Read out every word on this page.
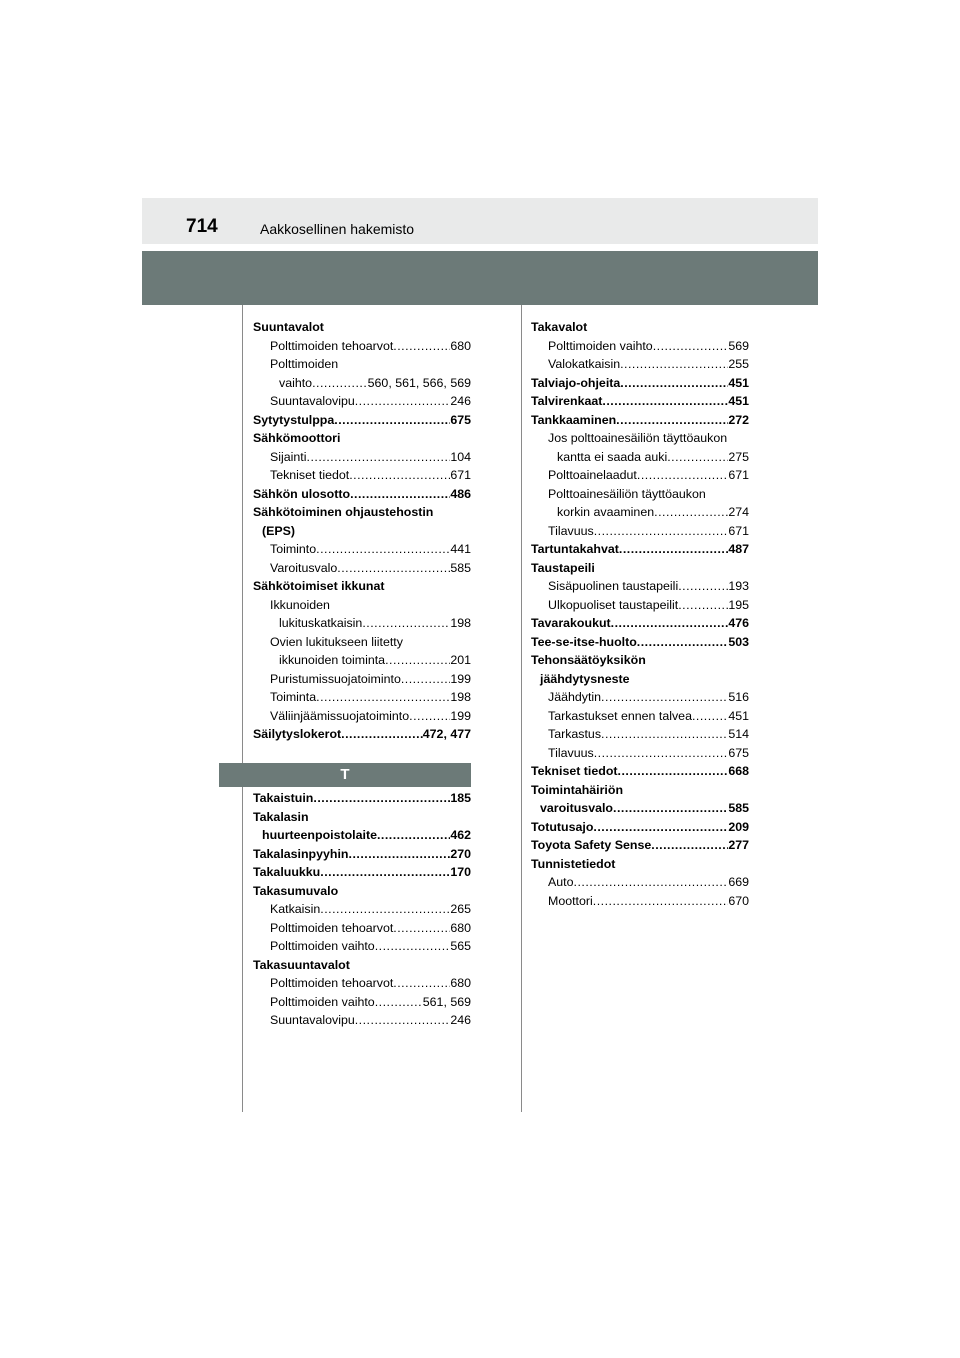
714	Aakkosellinen hakemisto
Suuntavalot
Polttimoiden tehoarvot .....	680
Polttimoiden
vaihto .....	560, 561, 566, 569
Suuntavalovipu .....	246
Sytytystulppa .....	675
Sähkömoottori
Sijainti .....	104
Tekniset tiedot .....	671
Sähkön ulosotto .....	486
Sähkötoiminen ohjaustehostin
(EPS)
Toiminto .....	441
Varoitusvalo .....	585
Sähkötoimiset ikkunat
Ikkunoiden
lukituskatkaisin .....	198
Ovien lukitukseen liitetty
ikkunoiden toiminta .....	201
Puristumissuojatoiminto .....	199
Toiminta .....	198
Väliinjäämissuojatoiminto .....	199
Säilytyslokerot .....	472, 477
T
Takaistuin .....	185
Takalasin
huurteenpoistolaite .....	462
Takalasinpyyhin .....	270
Takaluukku .....	170
Takasumuvalo
Katkaisin .....	265
Polttimoiden tehoarvot .....	680
Polttimoiden vaihto .....	565
Takasuuntavalot
Polttimoiden tehoarvot .....	680
Polttimoiden vaihto .....	561, 569
Suuntavalovipu .....	246
Takavalot
Polttimoiden vaihto .....	569
Valokatkaisin .....	255
Talviajo-ohjeita .....	451
Talvirenkaat .....	451
Tankkaaminen .....	272
Jos polttoainesäiliön täyttöaukon
kantta ei saada auki .....	275
Polttoainelaadut .....	671
Polttoainesäiliön täyttöaukon
korkin avaaminen .....	274
Tilavuus .....	671
Tartuntakahvat .....	487
Taustapeili
Sisäpuolinen taustapeili .....	193
Ulkopuoliset taustapeilit .....	195
Tavarakoukut .....	476
Tee-se-itse-huolto .....	503
Tehonsäätöyksikön
jäähdytysneste
Jäähdytin .....	516
Tarkastukset ennen talvea .....	451
Tarkastus .....	514
Tilavuus .....	675
Tekniset tiedot .....	668
Toimintahäiriön
varoitusvalo .....	585
Totutusajo .....	209
Toyota Safety Sense .....	277
Tunnistetiedot
Auto .....	669
Moottori .....	670
